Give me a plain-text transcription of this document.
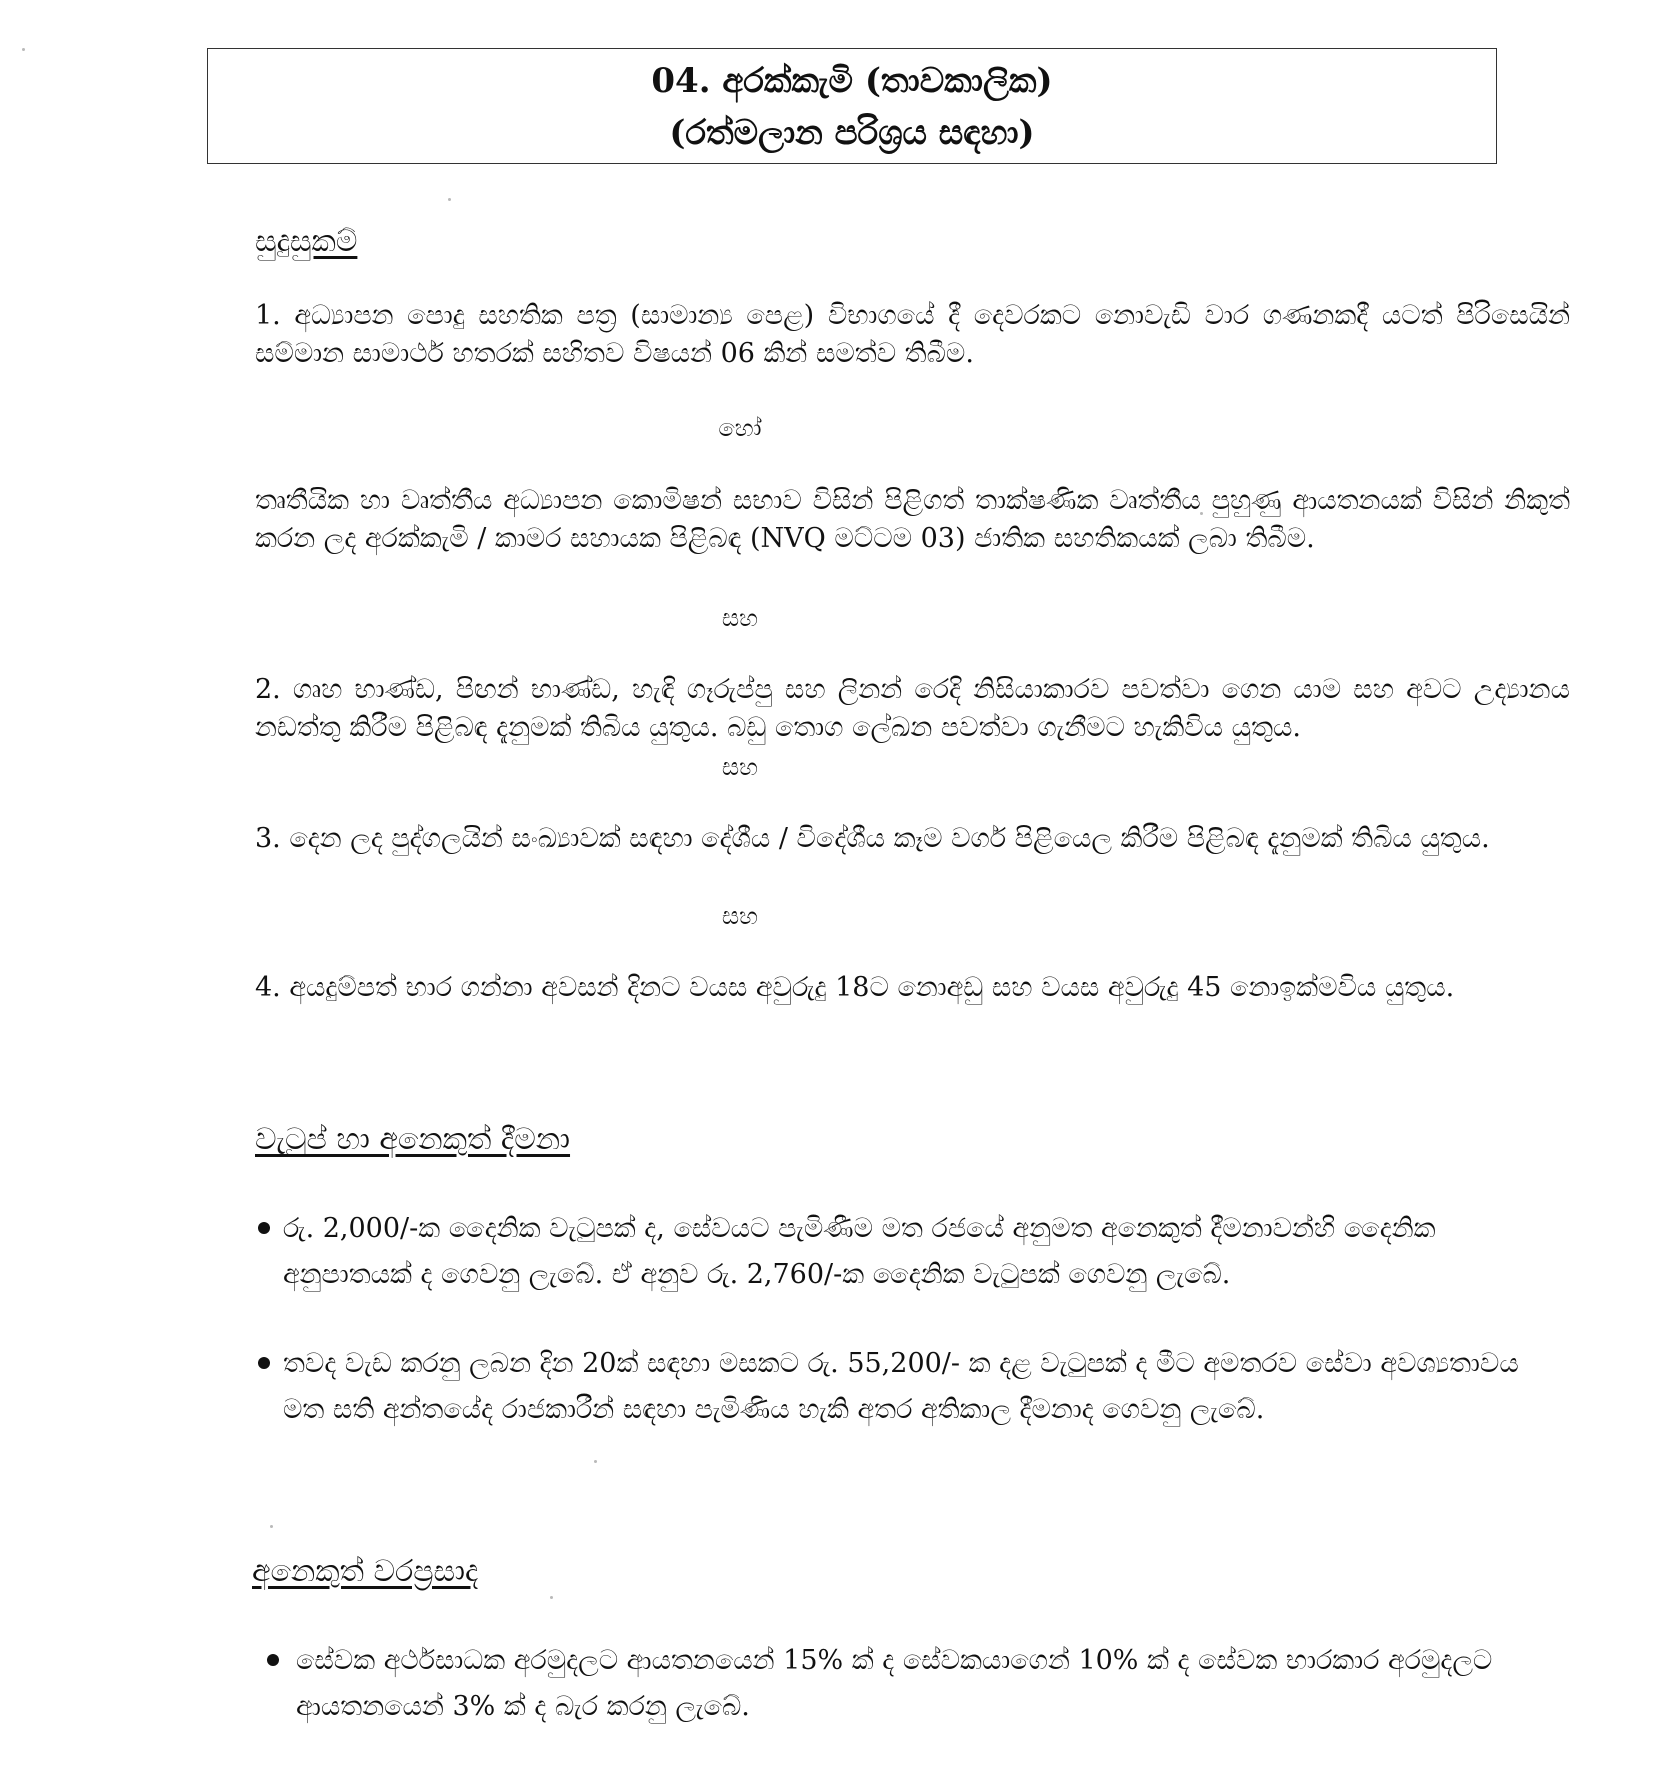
04. අරක්කැමි (තාවකාලික)
(රත්මලාන පරිශ්‍රය සඳහා)
සුදුසුකම්
1. අධ්‍යාපන පොදු සහතික පත්‍ර (සාමාන්‍ය පෙළ) විභාගයේ දී දෙවරකට නොවැඩි වාර ගණනකදී යටත් පිරිසෙයින් සම්මාන සාමාර්ථ හතරක් සහිතව විෂයන් 06 කින් සමත්ව තිබීම.
හෝ
තෘතීයික හා වෘත්තීය අධ්‍යාපන කොමිෂන් සභාව විසින් පිළිගත් තාක්ෂණික වෘත්තීය පුහුණු ආයතනයක් විසින් නිකුත් කරන ලද අරක්කැමි / කාමර සහායක පිළිබඳ (NVQ මට්ටම 03) ජාතික සහතිකයක් ලබා තිබීම.
සහ
2. ගෘහ භාණ්ඩ, පිඟන් භාණ්ඩ, හැඳි ගෑරුප්පු සහ ලිනන් රෙදි නිසියාකාරව පවත්වා ගෙන යාම සහ අවට උද්‍යානය නඩත්තු කිරීම පිළිබඳ දැනුමක් තිබිය යුතුය. බඩු තොග ලේඛන පවත්වා ගැනීමට හැකිවිය යුතුය.
සහ
3. දෙන ලද පුද්ගලයින් සංඛ්‍යාවක් සඳහා දේශීය / විදේශීය කෑම වර්ග පිළියෙල කිරීම පිළිබඳ දැනුමක් තිබිය යුතුය.
සහ
4. අයදුම්පත් භාර ගන්නා අවසන් දිනට වයස අවුරුදු 18ට නොඅඩු සහ වයස අවුරුදු 45 නොඉක්මවිය යුතුය.
වැටුප් හා අනෙකුත් දීමනා
රු. 2,000/-ක දෛනික වැටුපක් ද, සේවයට පැමිණීම මත රජයේ අනුමත අනෙකුත් දීමනාවන්හි දෛනික අනුපාතයක් ද ගෙවනු ලැබේ. ඒ අනුව රු. 2,760/-ක දෛනික වැටුපක් ගෙවනු ලැබේ.
තවද වැඩ කරනු ලබන දින 20ක් සඳහා මසකට රු. 55,200/- ක දළ වැටුපක් ද මීට අමතරව සේවා අවශ්‍යතාවය මත සති අන්තයේද රාජකාරීන් සඳහා පැමිණිය හැකි අතර අතිකාල දීමනාද ගෙවනු ලැබේ.
අනෙකුත් වරප්‍රසාද
සේවක අර්ථසාධක අරමුදලට ආයතනයෙන් 15% ක් ද සේවකයාගෙන් 10% ක් ද සේවක භාරකාර අරමුදලට ආයතනයෙන් 3% ක් ද බැර කරනු ලැබේ.
